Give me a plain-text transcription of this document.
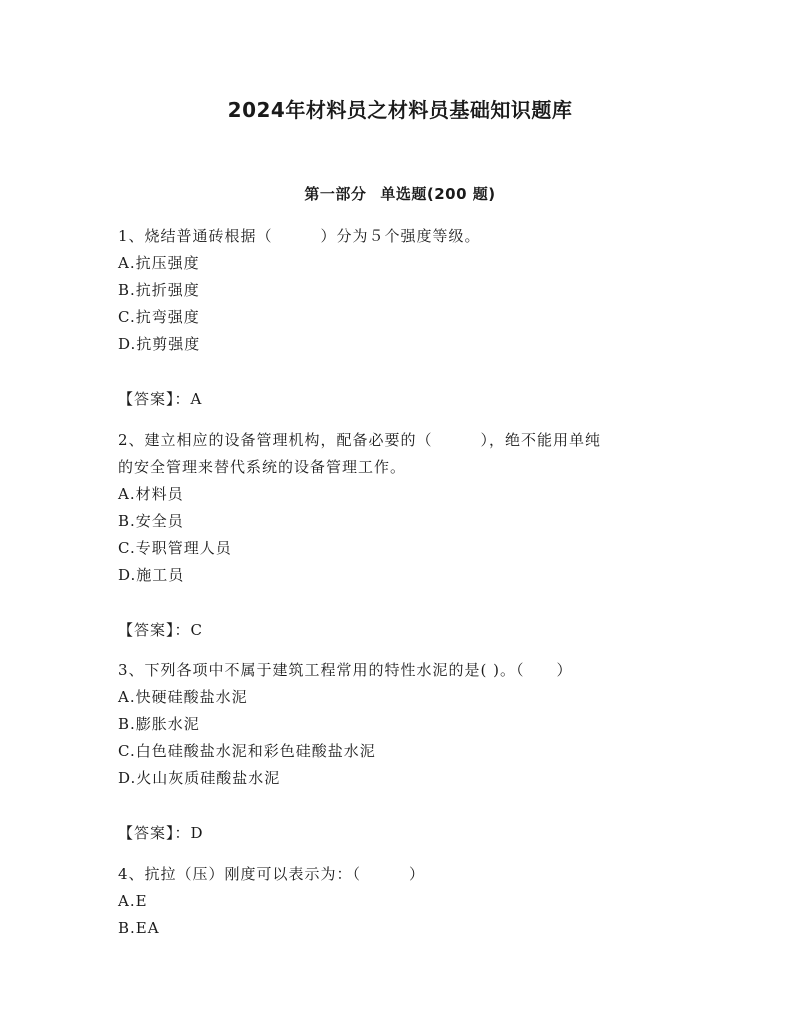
2024年材料员之材料员基础知识题库
第一部分 单选题(200 题)
1、烧结普通砖根据（　　　）分为５个强度等级。
A.抗压强度
B.抗折强度
C.抗弯强度
D.抗剪强度
【答案】：A
2、建立相应的设备管理机构，配备必要的（　　　），绝不能用单纯
的安全管理来替代系统的设备管理工作。
A.材料员
B.安全员
C.专职管理人员
D.施工员
【答案】：C
3、下列各项中不属于建筑工程常用的特性水泥的是( )。（　　）
A.快硬硅酸盐水泥
B.膨胀水泥
C.白色硅酸盐水泥和彩色硅酸盐水泥
D.火山灰质硅酸盐水泥
【答案】：D
4、抗拉（压）刚度可以表示为：（　　　）
A.E
B.EA
